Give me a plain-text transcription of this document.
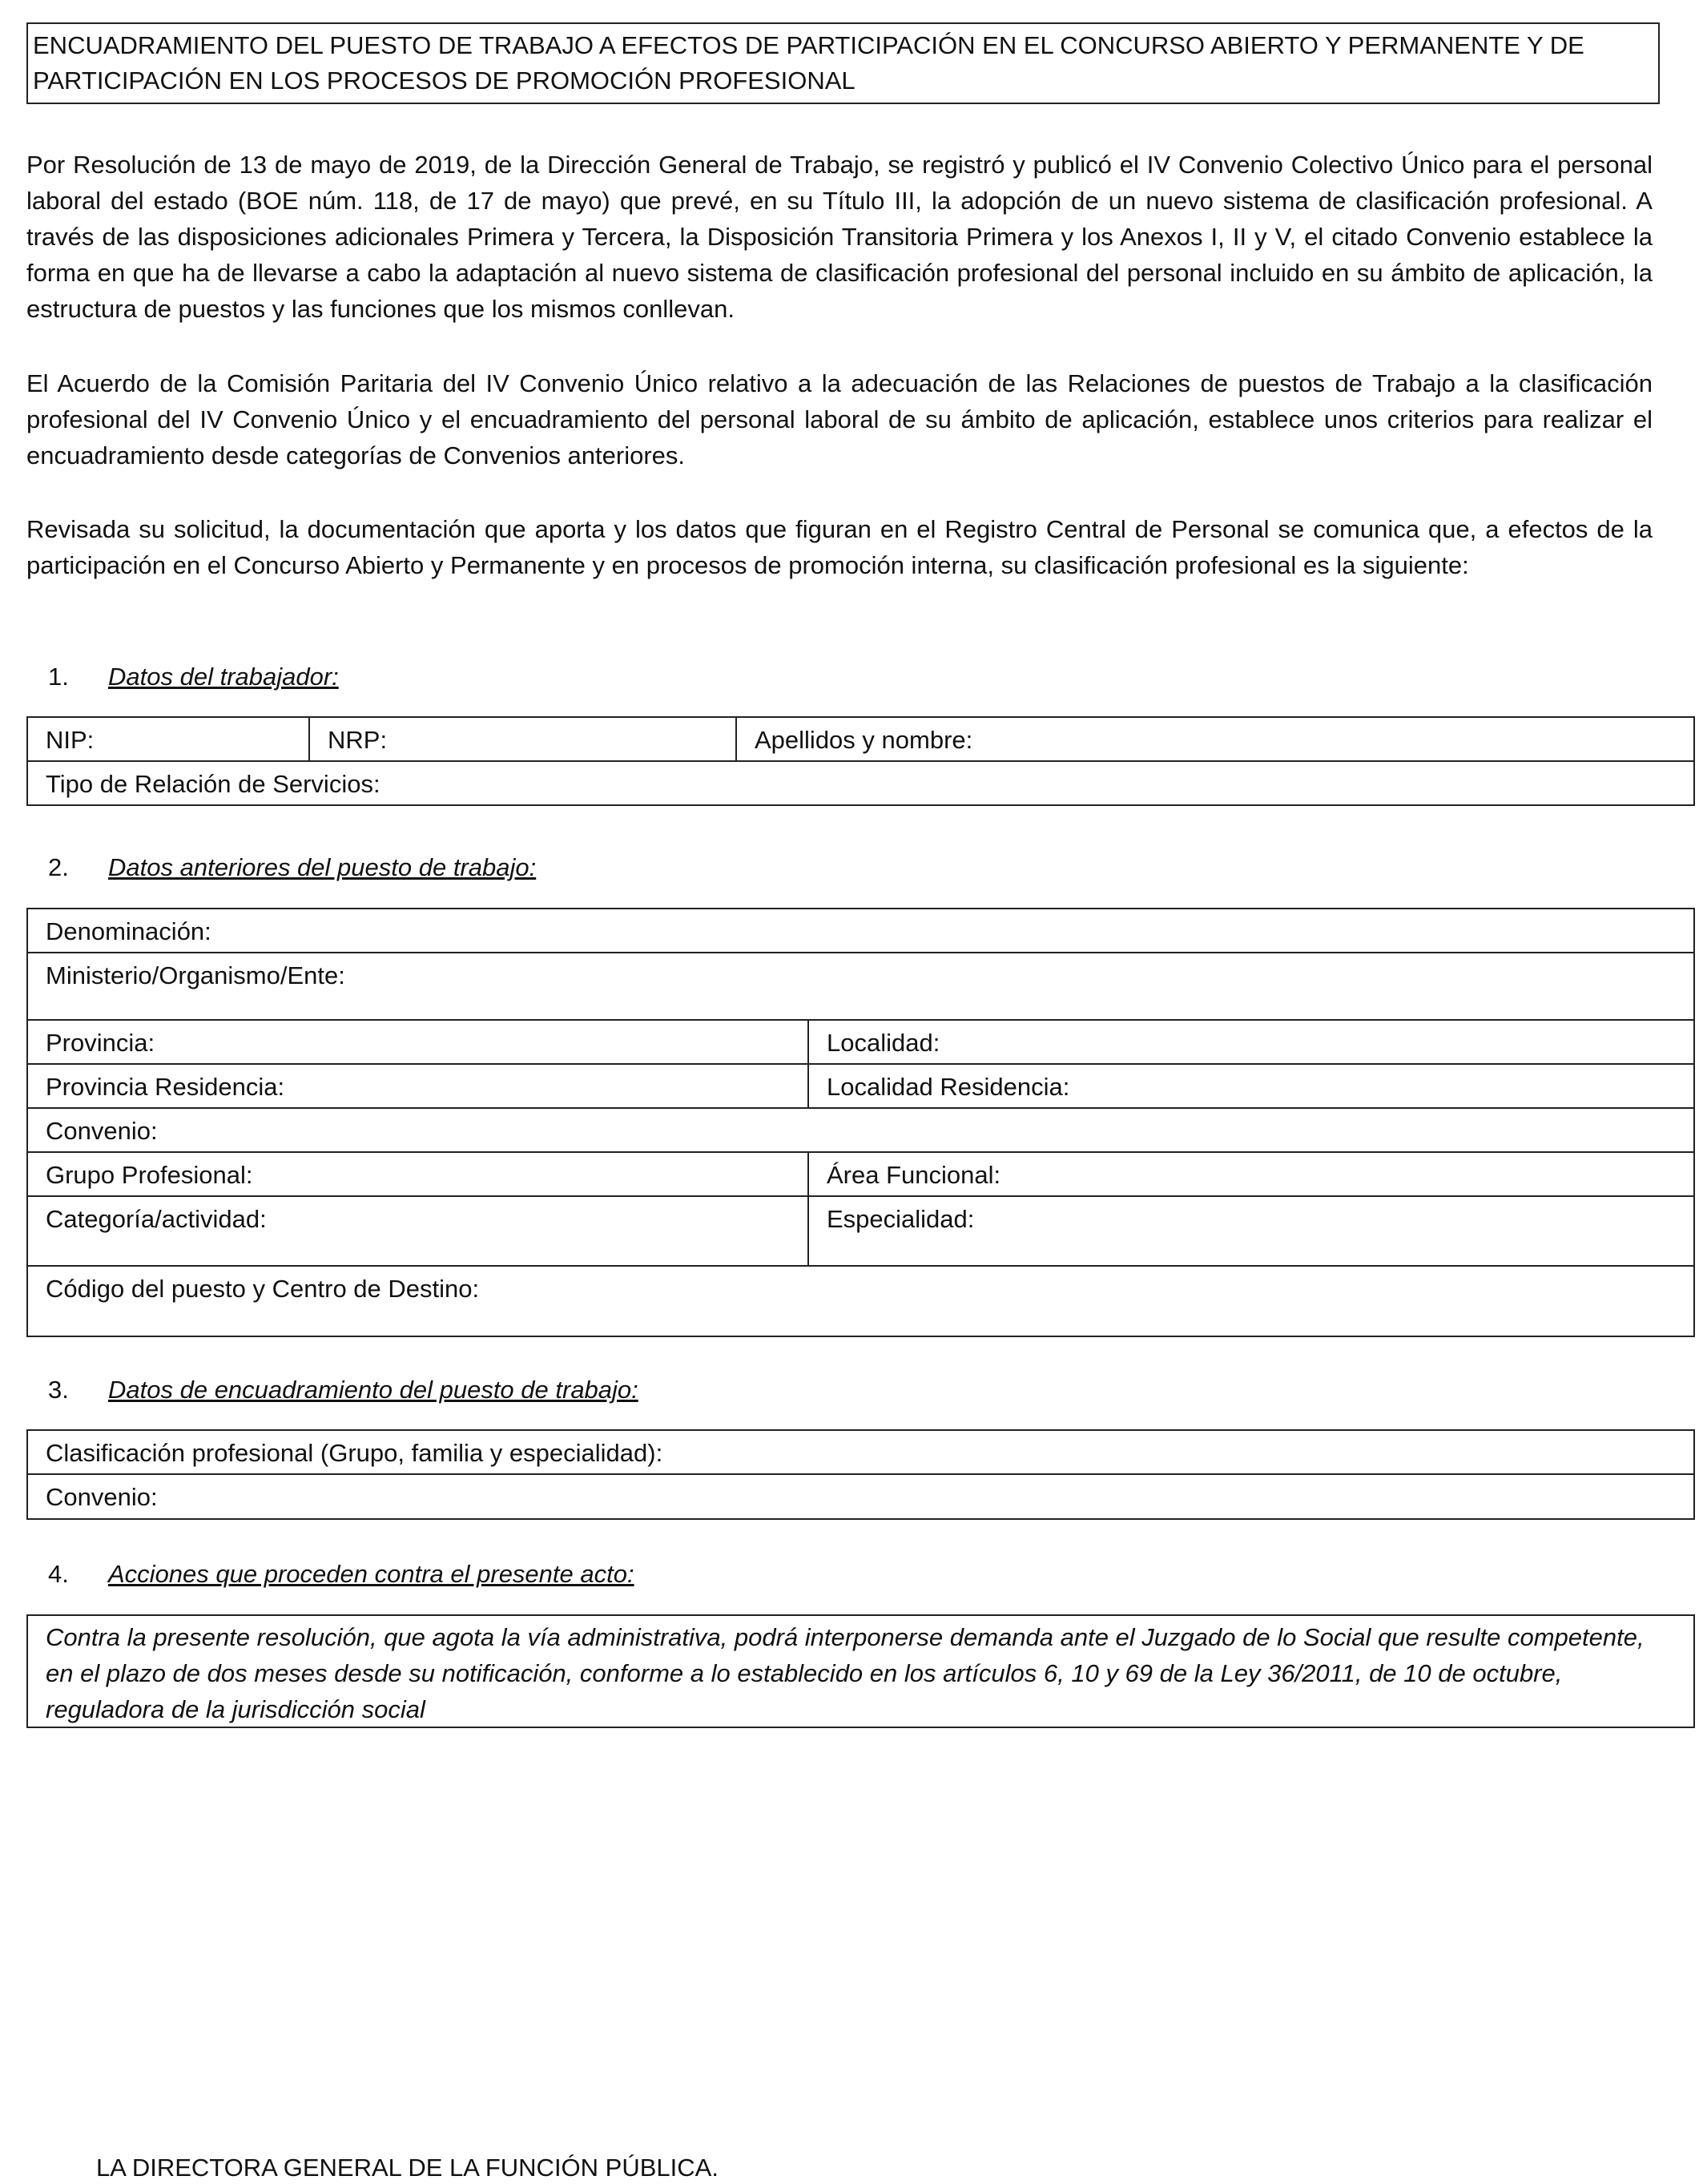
ENCUADRAMIENTO DEL PUESTO DE TRABAJO A EFECTOS DE PARTICIPACIÓN EN EL CONCURSO ABIERTO Y PERMANENTE Y DE PARTICIPACIÓN EN LOS PROCESOS DE PROMOCIÓN PROFESIONAL

Por Resolución de 13 de mayo de 2019, de la Dirección General de Trabajo, se registró y publicó el IV Convenio Colectivo Único para el personal laboral del estado (BOE núm. 118, de 17 de mayo) que prevé, en su Título III, la adopción de un nuevo sistema de clasificación profesional. A través de las disposiciones adicionales Primera y Tercera, la Disposición Transitoria Primera y los Anexos I, II y V, el citado Convenio establece la forma en que ha de llevarse a cabo la adaptación al nuevo sistema de clasificación profesional del personal incluido en su ámbito de aplicación, la estructura de puestos y las funciones que los mismos conllevan.

El Acuerdo de la Comisión Paritaria del IV Convenio Único relativo a la adecuación de las Relaciones de puestos de Trabajo a la clasificación profesional del IV Convenio Único y el encuadramiento del personal laboral de su ámbito de aplicación, establece unos criterios para realizar el encuadramiento desde categorías de Convenios anteriores.

Revisada su solicitud, la documentación que aporta y los datos que figuran en el Registro Central de Personal se comunica que, a efectos de la participación en el Concurso Abierto y Permanente y en procesos de promoción interna, su clasificación profesional es la siguiente:

1. Datos del trabajador:
NIP:	NRP:	Apellidos y nombre:
Tipo de Relación de Servicios:
2. Datos anteriores del puesto de trabajo:
Denominación:
Ministerio/Organismo/Ente:
Provincia:	Localidad:
Provincia Residencia:	Localidad Residencia:
Convenio:
Grupo Profesional:	Área Funcional:
Categoría/actividad:	Especialidad:
Código del puesto y Centro de Destino:
3. Datos de encuadramiento del puesto de trabajo:
Clasificación profesional (Grupo, familia y especialidad):
Convenio:
4. Acciones que proceden contra el presente acto:
Contra la presente resolución, que agota la vía administrativa, podrá interponerse demanda ante el Juzgado de lo Social que resulte competente, en el plazo de dos meses desde su notificación, conforme a lo establecido en los artículos 6, 10 y 69 de la Ley 36/2011, de 10 de octubre, reguladora de la jurisdicción social
LA DIRECTORA GENERAL DE LA FUNCIÓN PÚBLICA.
